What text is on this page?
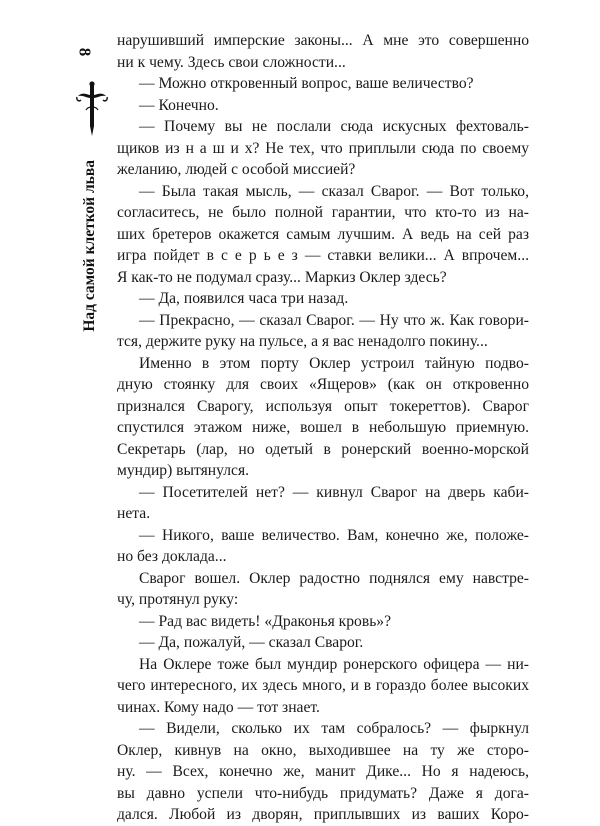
8
Над самой клеткой льва
нарушивший имперские законы... А мне это совершенно
ни к чему. Здесь свои сложности...
— Можно откровенный вопрос, ваше величество?
— Конечно.
— Почему вы не послали сюда искусных фехтоваль-
щиков из н а ш и х? Не тех, что приплыли сюда по своему
желанию, людей с особой миссией?
— Была такая мысль, — сказал Сварог. — Вот только,
согласитесь, не было полной гарантии, что кто-то из на-
ших бретеров окажется самым лучшим. А ведь на сей раз
игра пойдет в с е р ь е з — ставки велики... А впрочем...
Я как-то не подумал сразу... Маркиз Оклер здесь?
— Да, появился часа три назад.
— Прекрасно, — сказал Сварог. — Ну что ж. Как говори-
тся, держите руку на пульсе, а я вас ненадолго покину...
Именно в этом порту Оклер устроил тайную подво-
дную стоянку для своих «Ящеров» (как он откровенно
признался Сварогу, используя опыт токереттов). Сварог
спустился этажом ниже, вошел в небольшую приемную.
Секретарь (лар, но одетый в ронерский военно-морской
мундир) вытянулся.
— Посетителей нет? — кивнул Сварог на дверь каби-
нета.
— Никого, ваше величество. Вам, конечно же, положе-
но без доклада...
Сварог вошел. Оклер радостно поднялся ему навстре-
чу, протянул руку:
— Рад вас видеть! «Драконья кровь»?
— Да, пожалуй, — сказал Сварог.
На Оклере тоже был мундир ронерского офицера — ни-
чего интересного, их здесь много, и в гораздо более высоких
чинах. Кому надо — тот знает.
— Видели, сколько их там собралось? — фыркнул
Оклер, кивнув на окно, выходившее на ту же сторо-
ну. — Всех, конечно же, манит Дике... Но я надеюсь,
вы давно успели что-нибудь придумать? Даже я дога-
дался. Любой из дворян, приплывших из ваших Коро-
